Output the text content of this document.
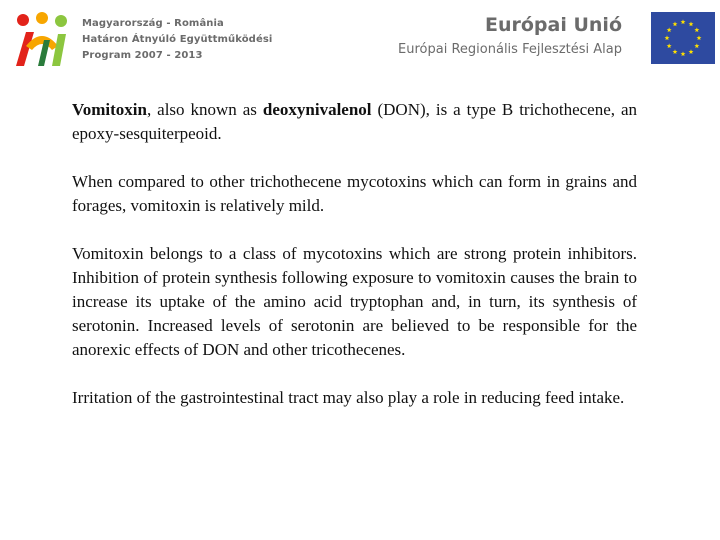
Magyarország - România
Határon Átnyúló Együttműködési
Program 2007 - 2013
Európai Unió
Európai Regionális Fejlesztési Alap

Vomitoxin, also known as deoxynivalenol (DON), is a type B trichothecene, an epoxy-sesquiterpeoid.

When compared to other trichothecene mycotoxins which can form in grains and forages, vomitoxin is relatively mild.

Vomitoxin belongs to a class of mycotoxins which are strong protein inhibitors. Inhibition of protein synthesis following exposure to vomitoxin causes the brain to increase its uptake of the amino acid tryptophan and, in turn, its synthesis of serotonin. Increased levels of serotonin are believed to be responsible for the anorexic effects of DON and other tricothecenes.

Irritation of the gastrointestinal tract may also play a role in reducing feed intake.
